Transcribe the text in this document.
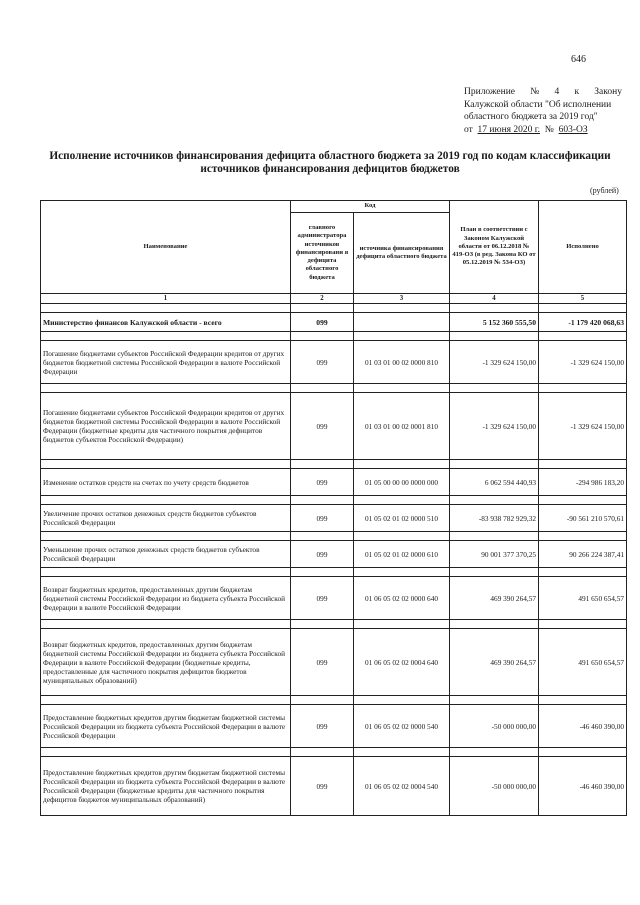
646
Приложение № 4 к Закону
Калужской области "Об исполнении
областного бюджета за 2019 год"
от 17 июня 2020 г. № 603-ОЗ
Исполнение источников финансирования дефицита областного бюджета за 2019 год по кодам классификации источников финансирования дефицитов бюджетов
(рублей)
Наименование	Код		План в соответствии с Законом Калужской области от 06.12.2018 № 419-ОЗ (в ред. Закона КО от 05.12.2019 № 534-ОЗ)	Исполнено
	главного администратора источников финансировани я дефицита областного бюджета	источника финансирования дефицита областного бюджета		
1	2	3	4	5

Министерство финансов Калужской области - всего	099		5 152 360 555,50	-1 179 420 068,63

Погашение бюджетами субъектов Российской Федерации кредитов от других бюджетов бюджетной системы Российской Федерации в валюте Российской Федерации	099	01 03 01 00 02 0000 810	-1 329 624 150,00	-1 329 624 150,00

Погашение бюджетами субъектов Российской Федерации кредитов от других бюджетов бюджетной системы Российской Федерации в валюте Российской Федерации (бюджетные кредиты для частичного покрытия дефицитов бюджетов субъектов Российской Федерации)	099	01 03 01 00 02 0001 810	-1 329 624 150,00	-1 329 624 150,00

Изменение остатков средств на счетах по учету средств бюджетов	099	01 05 00 00 00 0000 000	6 062 594 440,93	-294 986 183,20

Увеличение прочих остатков денежных средств бюджетов субъектов Российской Федерации	099	01 05 02 01 02 0000 510	-83 938 782 929,32	-90 561 210 570,61

Уменьшение прочих остатков денежных средств бюджетов субъектов Российской Федерации	099	01 05 02 01 02 0000 610	90 001 377 370,25	90 266 224 387,41

Возврат бюджетных кредитов, предоставленных другим бюджетам бюджетной системы Российской Федерации из бюджета субъекта Российской Федерации в валюте Российской Федерации	099	01 06 05 02 02 0000 640	469 390 264,57	491 650 654,57

Возврат бюджетных кредитов, предоставленных другим бюджетам бюджетной системы Российской Федерации из бюджета субъекта Российской Федерации в валюте Российской Федерации (бюджетные кредиты, предоставленные для частичного покрытия дефицитов бюджетов муниципальных образований)	099	01 06 05 02 02 0004 640	469 390 264,57	491 650 654,57

Предоставление бюджетных кредитов другим бюджетам бюджетной системы Российской Федерации из бюджета субъекта Российской Федерации в валюте Российской Федерации	099	01 06 05 02 02 0000 540	-50 000 000,00	-46 460 390,00

Предоставление бюджетных кредитов другим бюджетам бюджетной системы Российской Федерации из бюджета субъекта Российской Федерации в валюте Российской Федерации (бюджетные кредиты для частичного покрытия дефицитов бюджетов муниципальных образований)	099	01 06 05 02 02 0004 540	-50 000 000,00	-46 460 390,00
